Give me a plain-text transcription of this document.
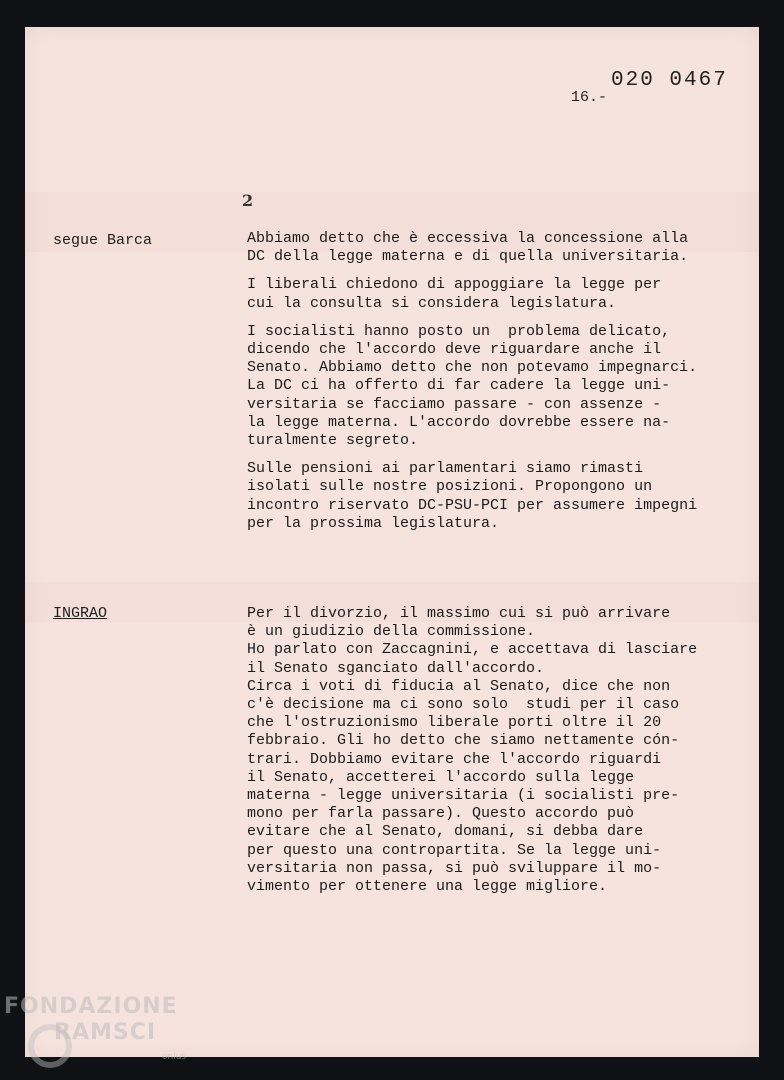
020 0467
16.-
2
segue Barca	Abbiamo detto che è eccessiva la concessione alla
DC della legge materna e di quella universitaria.

I liberali chiedono di appoggiare la legge per
cui la consulta si considera legislatura.

I socialisti hanno posto un  problema delicato,
dicendo che l'accordo deve riguardare anche il
Senato. Abbiamo detto che non potevamo impegnarci.
La DC ci ha offerto di far cadere la legge uni-
versitaria se facciamo passare - con assenze -
la legge materna. L'accordo dovrebbe essere na-
turalmente segreto.

Sulle pensioni ai parlamentari siamo rimasti
isolati sulle nostre posizioni. Propongono un
incontro riservato DC-PSU-PCI per assumere impegni
per la prossima legislatura.

INGRAO	Per il divorzio, il massimo cui si può arrivare
è un giudizio della commissione.
Ho parlato con Zaccagnini, e accettava di lasciare
il Senato sganciato dall'accordo.
Circa i voti di fiducia al Senato, dice che non
c'è decisione ma ci sono solo  studi per il caso
che l'ostruzionismo liberale porti oltre il 20
febbraio. Gli ho detto che siamo nettamente cón-
trari. Dobbiamo evitare che l'accordo riguardi
il Senato, accetterei l'accordo sulla legge
materna - legge universitaria (i socialisti pre-
mono per farla passare). Questo accordo può
evitare che al Senato, domani, si debba dare
per questo una contropartita. Se la legge uni-
versitaria non passa, si può sviluppare il mo-
vimento per ottenere una legge migliore.

FONDAZIONE
RAMSCI
onlus
